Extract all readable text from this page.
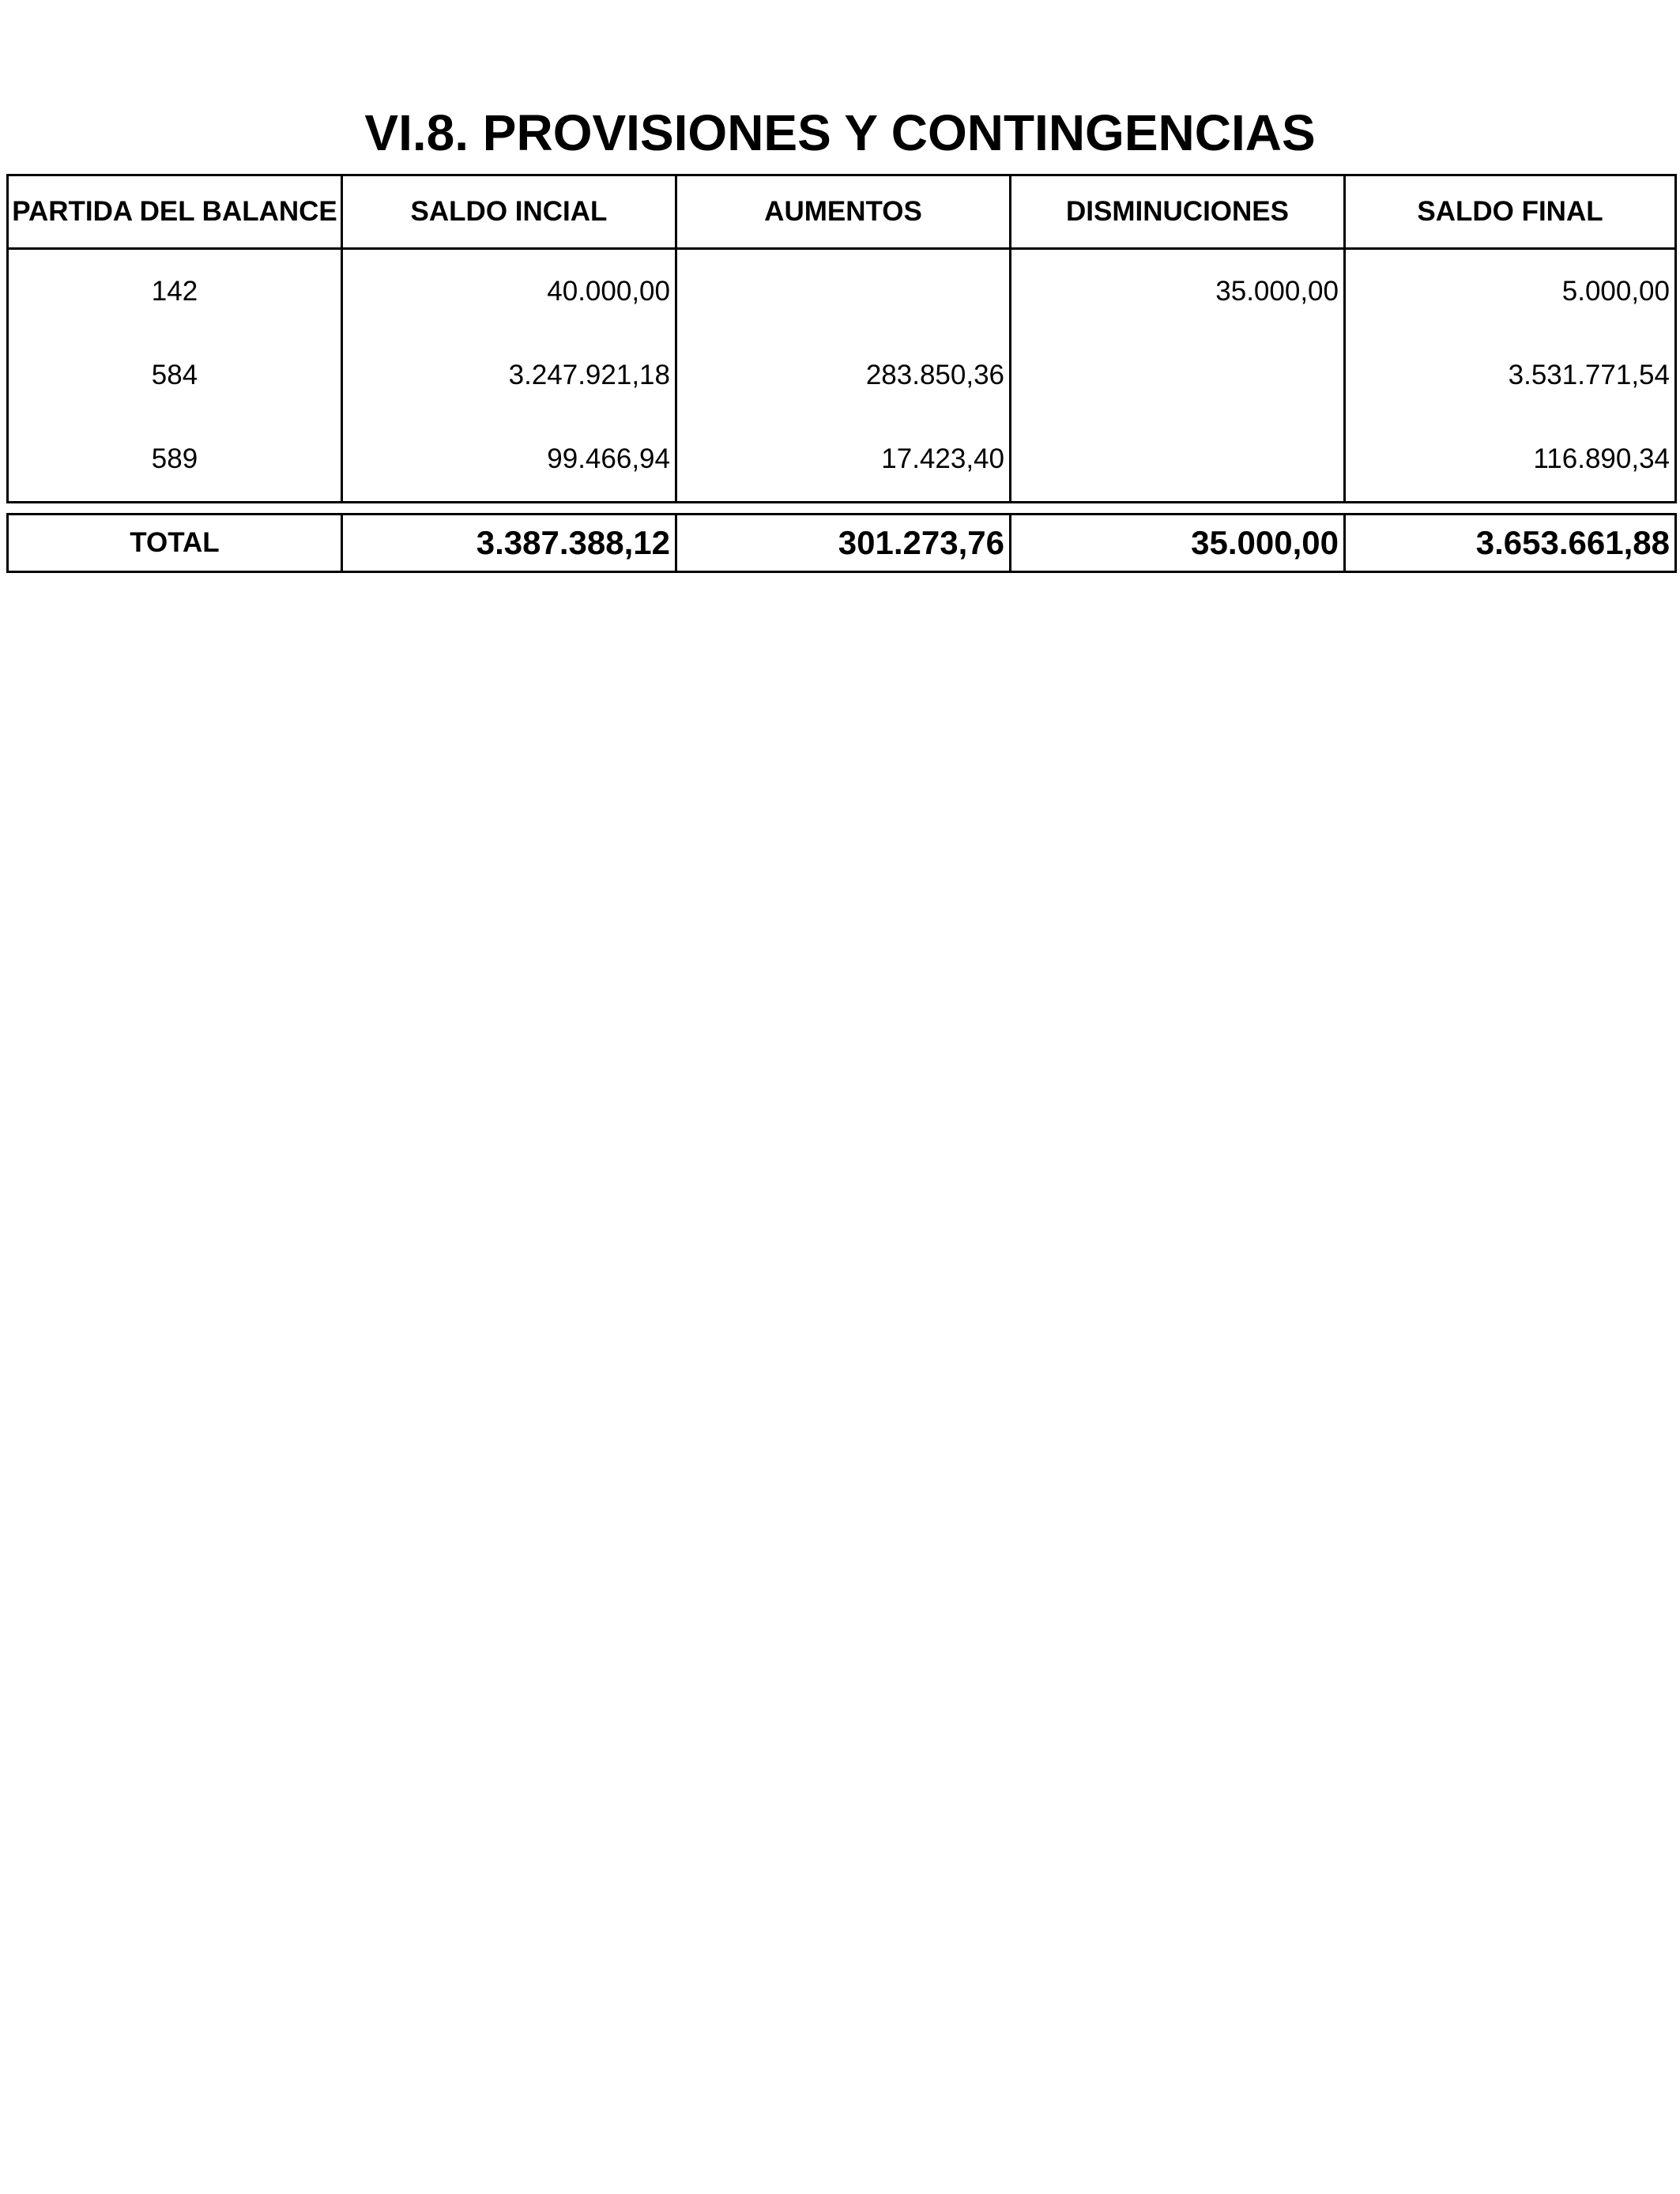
VI.8. PROVISIONES Y CONTINGENCIAS
PARTIDA DEL BALANCE	SALDO INCIAL	AUMENTOS	DISMINUCIONES	SALDO FINAL
142	40.000,00		35.000,00	5.000,00
584	3.247.921,18	283.850,36		3.531.771,54
589	99.466,94	17.423,40		116.890,34
TOTAL	3.387.388,12	301.273,76	35.000,00	3.653.661,88
